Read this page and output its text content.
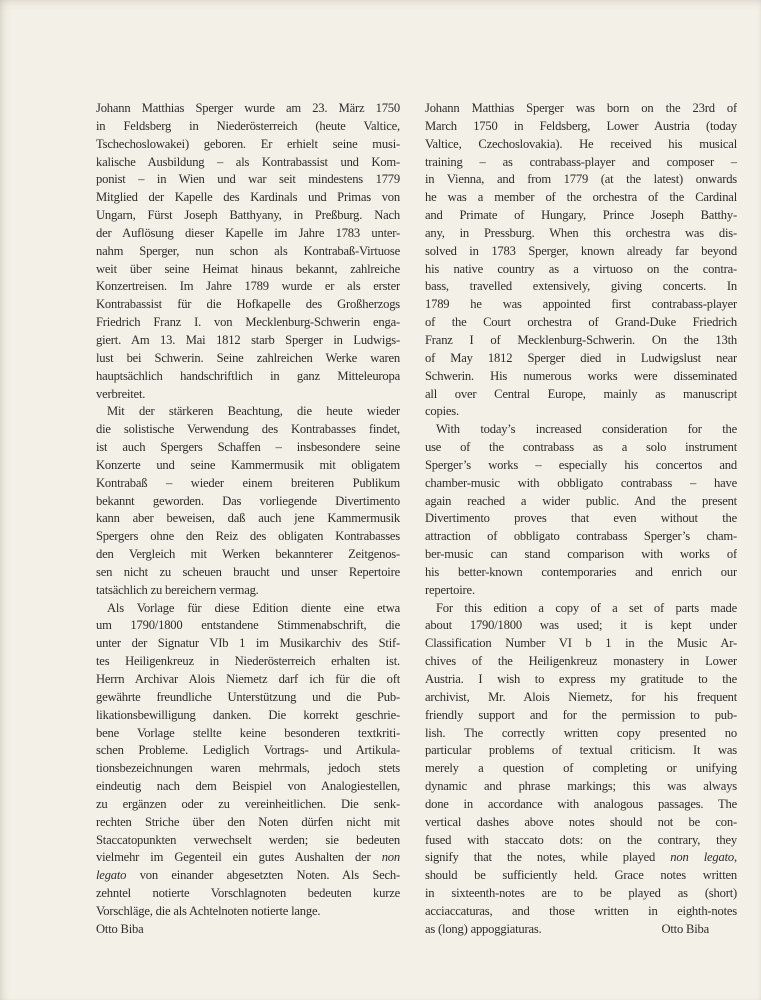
Johann Matthias Sperger wurde am 23. März 1750
in Feldsberg in Niederösterreich (heute Valtice,
Tschechoslowakei) geboren. Er erhielt seine musi-
kalische Ausbildung – als Kontrabassist und Kom-
ponist – in Wien und war seit mindestens 1779
Mitglied der Kapelle des Kardinals und Primas von
Ungarn, Fürst Joseph Batthyany, in Preßburg. Nach
der Auflösung dieser Kapelle im Jahre 1783 unter-
nahm Sperger, nun schon als Kontrabaß-Virtuose
weit über seine Heimat hinaus bekannt, zahlreiche
Konzertreisen. Im Jahre 1789 wurde er als erster
Kontrabassist für die Hofkapelle des Großherzogs
Friedrich Franz I. von Mecklenburg-Schwerin enga-
giert. Am 13. Mai 1812 starb Sperger in Ludwigs-
lust bei Schwerin. Seine zahlreichen Werke waren
hauptsächlich handschriftlich in ganz Mitteleuropa
verbreitet.
Mit der stärkeren Beachtung, die heute wieder
die solistische Verwendung des Kontrabasses findet,
ist auch Spergers Schaffen – insbesondere seine
Konzerte und seine Kammermusik mit obligatem
Kontrabaß – wieder einem breiteren Publikum
bekannt geworden. Das vorliegende Divertimento
kann aber beweisen, daß auch jene Kammermusik
Spergers ohne den Reiz des obligaten Kontrabasses
den Vergleich mit Werken bekannterer Zeitgenos-
sen nicht zu scheuen braucht und unser Repertoire
tatsächlich zu bereichern vermag.
Als Vorlage für diese Edition diente eine etwa
um 1790/1800 entstandene Stimmenabschrift, die
unter der Signatur VIb 1 im Musikarchiv des Stif-
tes Heiligenkreuz in Niederösterreich erhalten ist.
Herrn Archivar Alois Niemetz darf ich für die oft
gewährte freundliche Unterstützung und die Pub-
likationsbewilligung danken. Die korrekt geschrie-
bene Vorlage stellte keine besonderen textkriti-
schen Probleme. Lediglich Vortrags- und Artikula-
tionsbezeichnungen waren mehrmals, jedoch stets
eindeutig nach dem Beispiel von Analogiestellen,
zu ergänzen oder zu vereinheitlichen. Die senk-
rechten Striche über den Noten dürfen nicht mit
Staccatopunkten verwechselt werden; sie bedeuten
vielmehr im Gegenteil ein gutes Aushalten der non
legato von einander abgesetzten Noten. Als Sech-
zehntel notierte Vorschlagnoten bedeuten kurze
Vorschläge, die als Achtelnoten notierte lange.
Otto Biba
Johann Matthias Sperger was born on the 23rd of
March 1750 in Feldsberg, Lower Austria (today
Valtice, Czechoslovakia). He received his musical
training – as contrabass-player and composer –
in Vienna, and from 1779 (at the latest) onwards
he was a member of the orchestra of the Cardinal
and Primate of Hungary, Prince Joseph Batthy-
any, in Pressburg. When this orchestra was dis-
solved in 1783 Sperger, known already far beyond
his native country as a virtuoso on the contra-
bass, travelled extensively, giving concerts. In
1789 he was appointed first contrabass-player
of the Court orchestra of Grand-Duke Friedrich
Franz I of Mecklenburg-Schwerin. On the 13th
of May 1812 Sperger died in Ludwigslust near
Schwerin. His numerous works were disseminated
all over Central Europe, mainly as manuscript
copies.
With today’s increased consideration for the
use of the contrabass as a solo instrument
Sperger’s works – especially his concertos and
chamber-music with obbligato contrabass – have
again reached a wider public. And the present
Divertimento proves that even without the
attraction of obbligato contrabass Sperger’s cham-
ber-music can stand comparison with works of
his better-known contemporaries and enrich our
repertoire.
For this edition a copy of a set of parts made
about 1790/1800 was used; it is kept under
Classification Number VI b 1 in the Music Ar-
chives of the Heiligenkreuz monastery in Lower
Austria. I wish to express my gratitude to the
archivist, Mr. Alois Niemetz, for his frequent
friendly support and for the permission to pub-
lish. The correctly written copy presented no
particular problems of textual criticism. It was
merely a question of completing or unifying
dynamic and phrase markings; this was always
done in accordance with analogous passages. The
vertical dashes above notes should not be con-
fused with staccato dots: on the contrary, they
signify that the notes, while played non legato,
should be sufficiently held. Grace notes written
in sixteenth-notes are to be played as (short)
acciaccaturas, and those written in eighth-notes
as (long) appoggiaturas.	Otto Biba
